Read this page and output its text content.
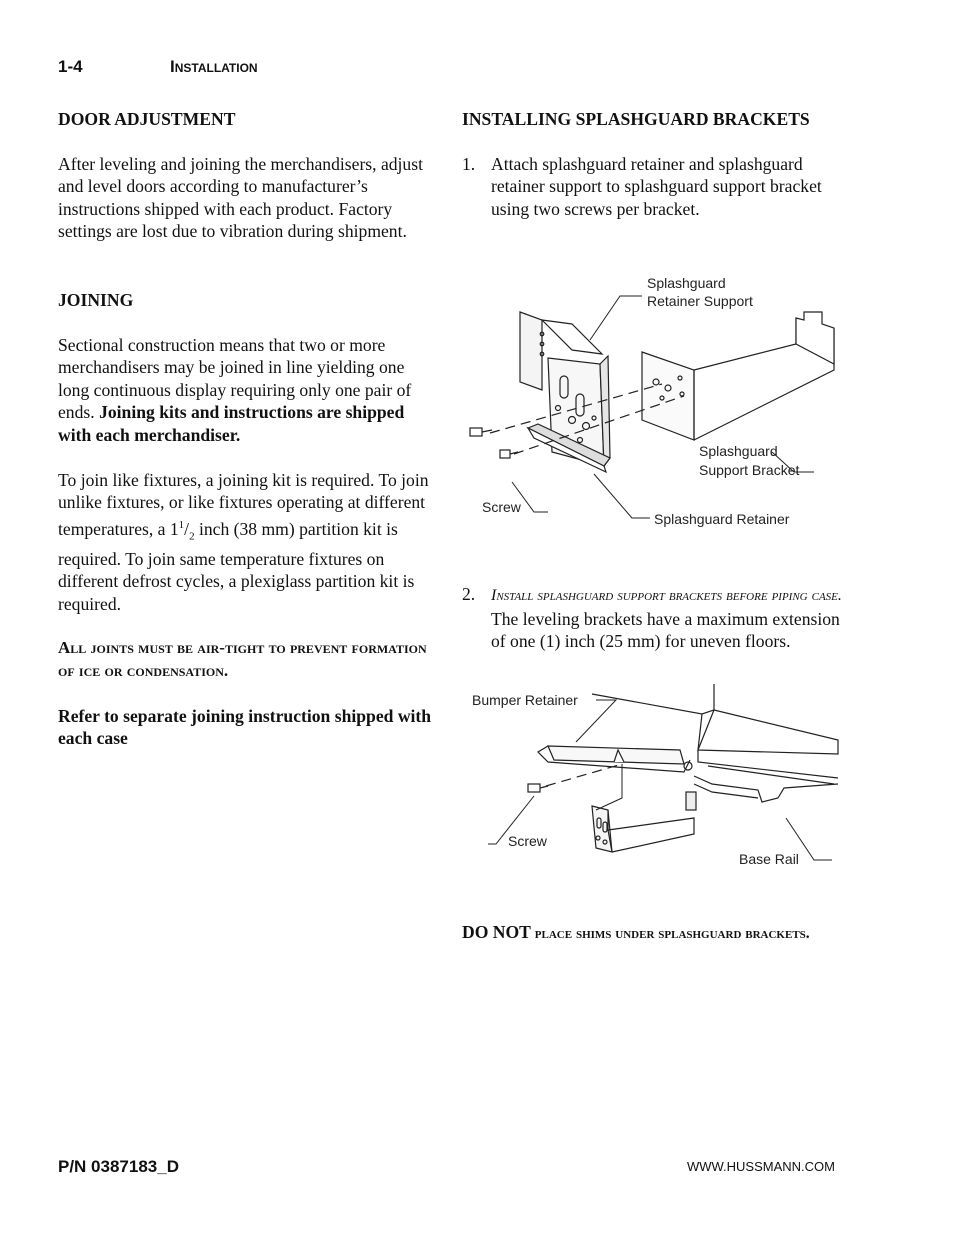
1-4	Installation

DOOR ADJUSTMENT

After leveling and joining the merchandisers, adjust and level doors according to manufacturer’s instructions shipped with each product. Factory settings are lost due to vibration during shipment.

JOINING

Sectional construction means that two or more merchandisers may be joined in line yielding one long continuous display requiring only one pair of ends. Joining kits and instructions are shipped with each merchandiser.

To join like fixtures, a joining kit is required. To join unlike fixtures, or like fixtures operating at different temperatures, a $1^1/_2$ inch (38 mm) partition kit is required. To join same temperature fixtures on different defrost cycles, a plexiglass partition kit is required.

All joints must be air-tight to prevent formation of ice or condensation.

Refer to separate joining instruction shipped with each case

INSTALLING SPLASHGUARD BRACKETS

1. Attach splashguard retainer and splashguard retainer support to splashguard support bracket using two screws per bracket.
Splashguard
Retainer Support
Splashguard
Support Bracket
Screw
Splashguard Retainer
2. Install splashguard support brackets before piping case. The leveling brackets have a maximum extension of one (1) inch (25 mm) for uneven floors.
Bumper Retainer
Screw
Base Rail
DO NOT place shims under splashguard brackets.
P/N 0387183_D	WWW.HUSSMANN.COM
